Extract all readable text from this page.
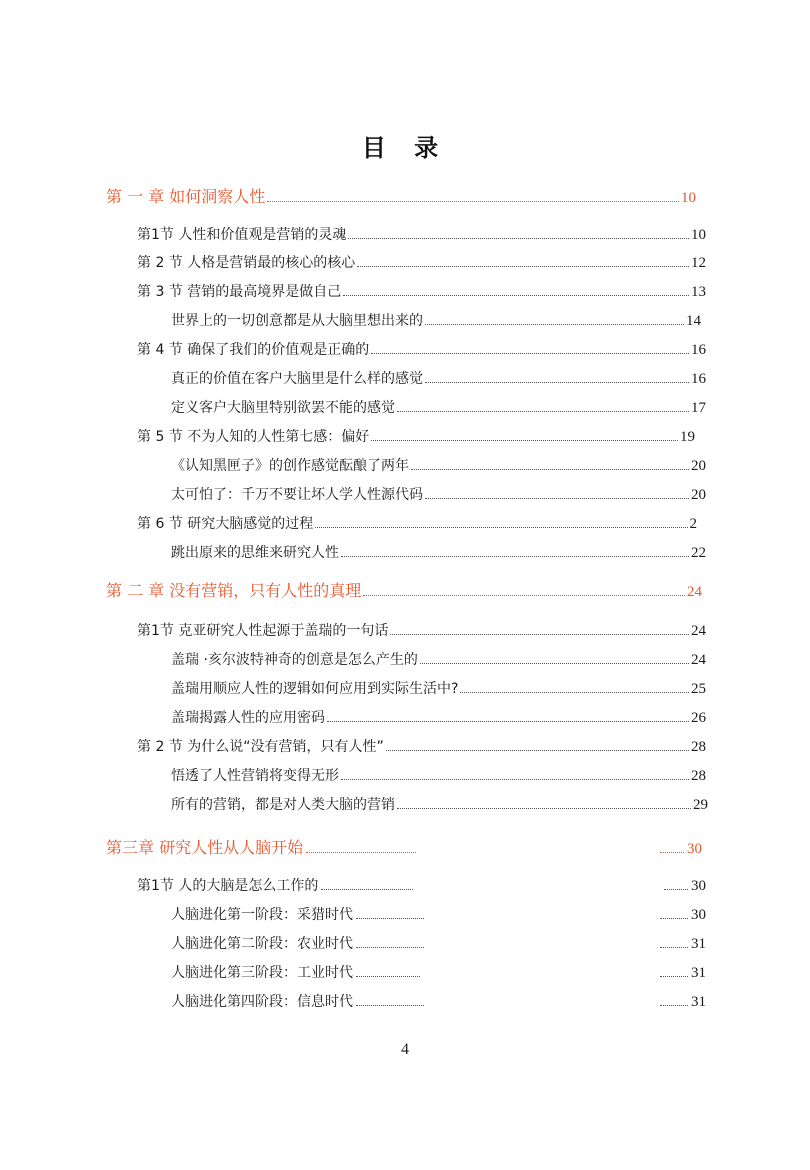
目 录
第 一 章 如何洞察人性	10
第1节 人性和价值观是营销的灵魂	10
第 2 节 人格是营销最的核心的核心	12
第 3 节 营销的最高境界是做自己	13
世界上的一切创意都是从大脑里想出来的	14
第 4 节 确保了我们的价值观是正确的	16
真正的价值在客户大脑里是什么样的感觉	16
定义客户大脑里特别欲罢不能的感觉	17
第 5 节 不为人知的人性第七感：偏好	19
《认知黑匣子》的创作感觉酝酿了两年	20
太可怕了：千万不要让坏人学人性源代码	20
第 6 节 研究大脑感觉的过程	2
跳出原来的思维来研究人性	22
第 二 章 没有营销，只有人性的真理	24
第1节 克亚研究人性起源于盖瑞的一句话	24
盖瑞 ·亥尔波特神奇的创意是怎么产生的	24
盖瑞用顺应人性的逻辑如何应用到实际生活中?	25
盖瑞揭露人性的应用密码	26
第 2 节 为什么说“没有营销，只有人性”	28
悟透了人性营销将变得无形	28
所有的营销，都是对人类大脑的营销	29
第三章 研究人性从人脑开始	30
第1节 人的大脑是怎么工作的	30
人脑进化第一阶段：采猎时代	30
人脑进化第二阶段：农业时代	31
人脑进化第三阶段：工业时代	31
人脑进化第四阶段：信息时代	31
4
